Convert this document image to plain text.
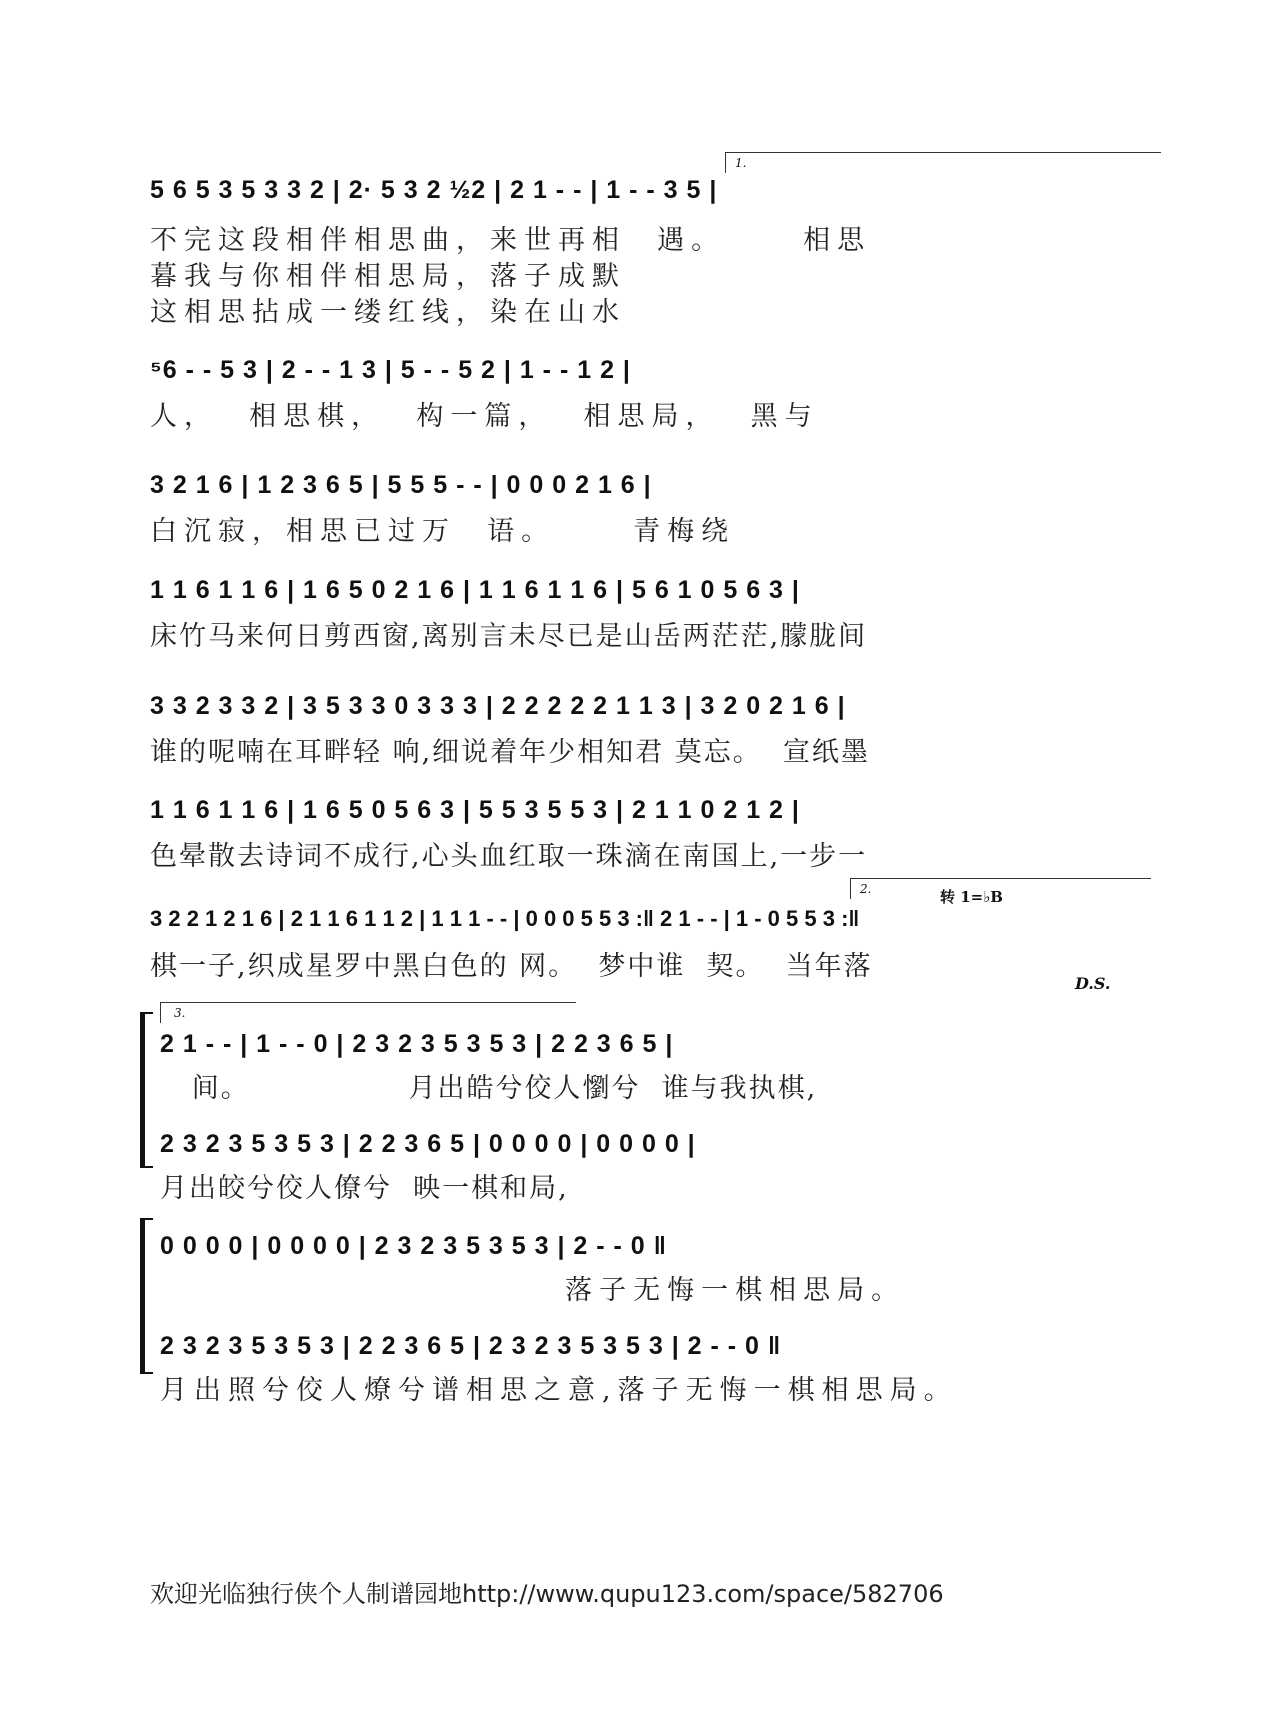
1.
5 6 5 3 5 3 3 2 | 2· 5 3 2 ½2 | 2 1 - - | 1 - - 3 5 |
不完这段相伴相思曲，来世再相  遇。     相思
暮我与你相伴相思局，落子成默
这相思拈成一缕红线，染在山水
⁵6 - - 5 3 | 2 - - 1 3 | 5 - - 5 2 | 1 - - 1 2 |
人，  相思棋，  构一篇，  相思局，  黑与
3 2 1 6 | 1 2 3 6 5 | 5 5 5 - - | 0 0 0 2 1 6 |
白沉寂，相思已过万  语。     青梅绕
1 1 6 1 1 6 | 1 6 5 0 2 1 6 | 1 1 6 1 1 6 | 5 6 1 0 5 6 3 |
床竹马来何日剪西窗,离别言未尽已是山岳两茫茫,朦胧间
3 3 2 3 3 2 | 3 5 3 3 0 3 3 3 | 2 2 2 2 2 1 1 3 | 3 2 0 2 1 6 |
谁的呢喃在耳畔轻 响,细说着年少相知君 莫忘。  宣纸墨
1 1 6 1 1 6 | 1 6 5 0 5 6 3 | 5 5 3 5 5 3 | 2 1 1 0 2 1 2 |
色晕散去诗词不成行,心头血红取一珠滴在南国上,一步一
2.	转 1=♭B
3 2 2 1 2 1 6 | 2 1 1 6 1 1 2 | 1 1 1 - - | 0 0 0 5 5 3 :‖ 2 1 - - | 1 - 0 5 5 3 :‖
棋一子,织成星罗中黑白色的 网。  梦中谁  契。  当年落
D.S.
3.
2 1 - - | 1 - - 0 | 2 3 2 3 5 3 5 3 | 2 2 3 6 5 |
间。               月出皓兮佼人懰兮  谁与我执棋,
2 3 2 3 5 3 5 3 | 2 2 3 6 5 | 0 0 0 0 | 0 0 0 0 |
月出皎兮佼人僚兮  映一棋和局,
0 0 0 0 | 0 0 0 0 | 2 3 2 3 5 3 5 3 | 2 - - 0 ‖
落子无悔一棋相思局。
2 3 2 3 5 3 5 3 | 2 2 3 6 5 | 2 3 2 3 5 3 5 3 | 2 - - 0 ‖
月出照兮佼人燎兮谱相思之意,落子无悔一棋相思局。
欢迎光临独行侠个人制谱园地http://www.qupu123.com/space/582706
